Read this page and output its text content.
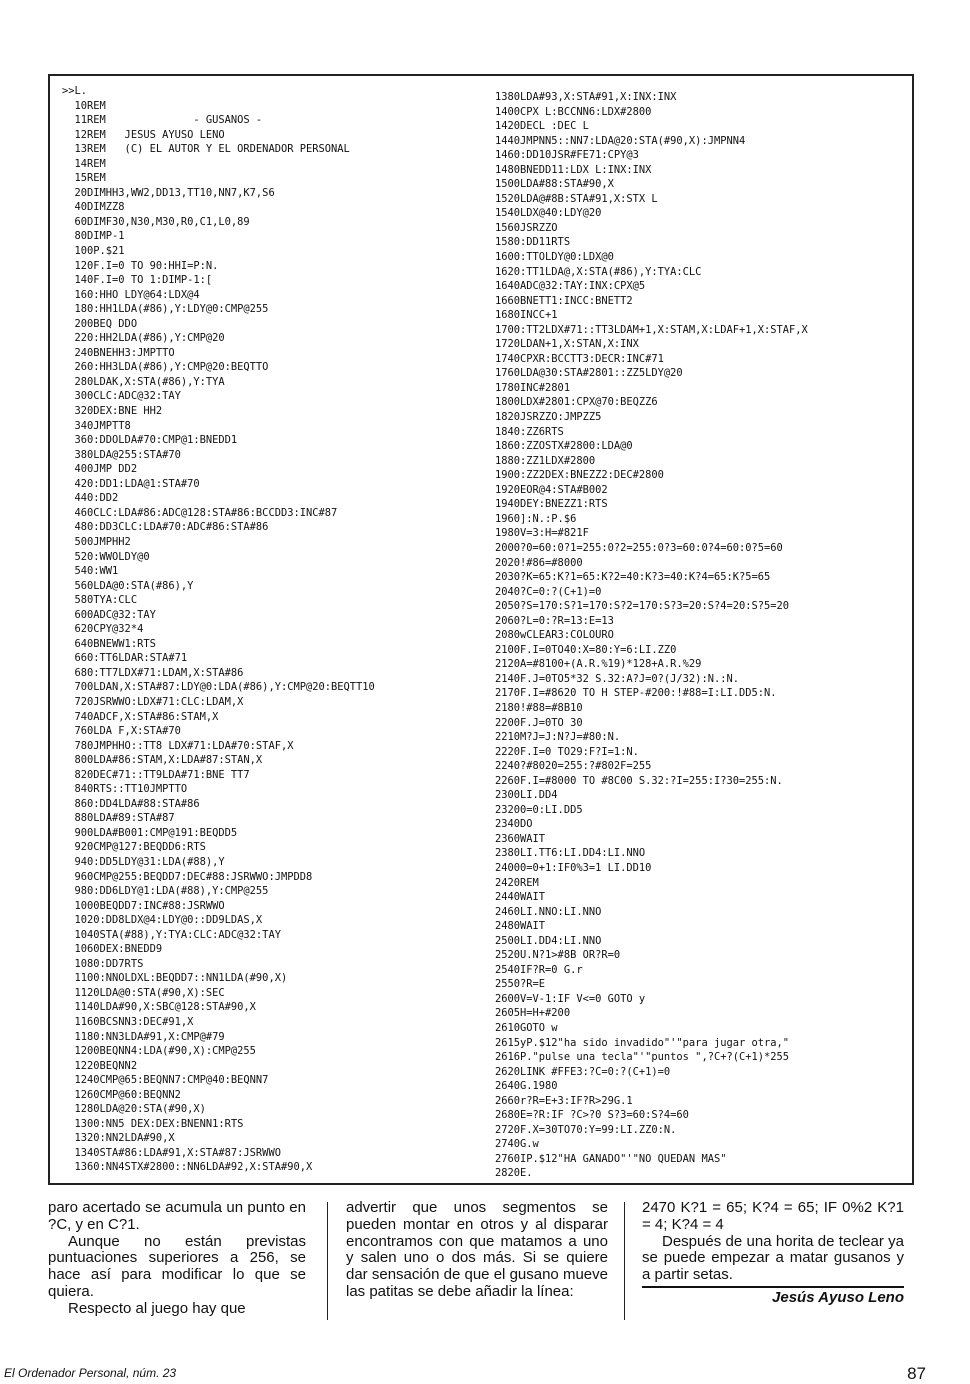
>>L.
10REM
11REM              - GUSANOS -
12REM   JESUS AYUSO LENO
13REM   (C) EL AUTOR Y EL ORDENADOR PERSONAL
14REM
15REM
20DIMHH3,WW2,DD13,TT10,NN7,K7,S6
40DIMZZ8
60DIMF30,N30,M30,R0,C1,L0,89
80DIMP-1
100P.$21
120F.I=0 TO 90:HHI=P:N.
140F.I=0 TO 1:DIMP-1:[
160:HHO LDY@64:LDX@4
180:HH1LDA(#86),Y:LDY@0:CMP@255
200BEQ DDO
220:HH2LDA(#86),Y:CMP@20
240BNEHH3:JMPTTO
260:HH3LDA(#86),Y:CMP@20:BEQTTO
280LDAK,X:STA(#86),Y:TYA
300CLC:ADC@32:TAY
320DEX:BNE HH2
340JMPTT8
360:DDOLDA#70:CMP@1:BNEDD1
380LDA@255:STA#70
400JMP DD2
420:DD1:LDA@1:STA#70
440:DD2
460CLC:LDA#86:ADC@128:STA#86:BCCDD3:INC#87
480:DD3CLC:LDA#70:ADC#86:STA#86
500JMPHH2
520:WWOLDY@0
540:WW1
560LDA@0:STA(#86),Y
580TYA:CLC
600ADC@32:TAY
620CPY@32*4
640BNEWW1:RTS
660:TT6LDAR:STA#71
680:TT7LDX#71:LDAM,X:STA#86
700LDAN,X:STA#87:LDY@0:LDA(#86),Y:CMP@20:BEQTT10
720JSRWWO:LDX#71:CLC:LDAM,X
740ADCF,X:STA#86:STAM,X
760LDA F,X:STA#70
780JMPHHO::TT8 LDX#71:LDA#70:STAF,X
800LDA#86:STAM,X:LDA#87:STAN,X
820DEC#71::TT9LDA#71:BNE TT7
840RTS::TT10JMPTTO
860:DD4LDA#88:STA#86
880LDA#89:STA#87
900LDA#B001:CMP@191:BEQDD5
920CMP@127:BEQDD6:RTS
940:DD5LDY@31:LDA(#88),Y
960CMP@255:BEQDD7:DEC#88:JSRWWO:JMPDD8
980:DD6LDY@1:LDA(#88),Y:CMP@255
1000BEQDD7:INC#88:JSRWWO
1020:DD8LDX@4:LDY@0::DD9LDAS,X
1040STA(#88),Y:TYA:CLC:ADC@32:TAY
1060DEX:BNEDD9
1080:DD7RTS
1100:NNOLDXL:BEQDD7::NN1LDA(#90,X)
1120LDA@0:STA(#90,X):SEC
1140LDA#90,X:SBC@128:STA#90,X
1160BCSNN3:DEC#91,X
1180:NN3LDA#91,X:CMP@#79
1200BEQNN4:LDA(#90,X):CMP@255
1220BEQNN2
1240CMP@65:BEQNN7:CMP@40:BEQNN7
1260CMP@60:BEQNN2
1280LDA@20:STA(#90,X)
1300:NN5 DEX:DEX:BNENN1:RTS
1320:NN2LDA#90,X
1340STA#86:LDA#91,X:STA#87:JSRWWO
1360:NN4STX#2800::NN6LDA#92,X:STA#90,X
1380LDA#93,X:STA#91,X:INX:INX
1400CPX L:BCCNN6:LDX#2800
1420DECL :DEC L
1440JMPNN5::NN7:LDA@20:STA(#90,X):JMPNN4
1460:DD10JSR#FE71:CPY@3
1480BNEDD11:LDX L:INX:INX
1500LDA#88:STA#90,X
1520LDA@#8B:STA#91,X:STX L
1540LDX@40:LDY@20
1560JSRZZO
1580:DD11RTS
1600:TTOLDY@0:LDX@0
1620:TT1LDA@,X:STA(#86),Y:TYA:CLC
1640ADC@32:TAY:INX:CPX@5
1660BNETT1:INCC:BNETT2
1680INCC+1
1700:TT2LDX#71::TT3LDAM+1,X:STAM,X:LDAF+1,X:STAF,X
1720LDAN+1,X:STAN,X:INX
1740CPXR:BCCTT3:DECR:INC#71
1760LDA@30:STA#2801::ZZ5LDY@20
1780INC#2801
1800LDX#2801:CPX@70:BEQZZ6
1820JSRZZO:JMPZZ5
1840:ZZ6RTS
1860:ZZOSTX#2800:LDA@0
1880:ZZ1LDX#2800
1900:ZZ2DEX:BNEZZ2:DEC#2800
1920EOR@4:STA#B002
1940DEY:BNEZZ1:RTS
1960]:N.:P.$6
1980V=3:H=#821F
2000?0=60:0?1=255:0?2=255:0?3=60:0?4=60:0?5=60
2020!#86=#8000
2030?K=65:K?1=65:K?2=40:K?3=40:K?4=65:K?5=65
2040?C=0:?(C+1)=0
2050?S=170:S?1=170:S?2=170:S?3=20:S?4=20:S?5=20
2060?L=0:?R=13:E=13
2080wCLEAR3:COLOURO
2100F.I=0TO40:X=80:Y=6:LI.ZZ0
2120A=#8100+(A.R.%19)*128+A.R.%29
2140F.J=0TO5*32 S.32:A?J=0?(J/32):N.:N.
2170F.I=#8620 TO H STEP-#200:!#88=I:LI.DD5:N.
2180!#88=#8B10
2200F.J=0TO 30
2210M?J=J:N?J=#80:N.
2220F.I=0 TO29:F?I=1:N.
2240?#8020=255:?#802F=255
2260F.I=#8000 TO #8C00 S.32:?I=255:I?30=255:N.
2300LI.DD4
23200=0:LI.DD5
2340DO
2360WAIT
2380LI.TT6:LI.DD4:LI.NNO
24000=0+1:IF0%3=1 LI.DD10
2420REM
2440WAIT
2460LI.NNO:LI.NNO
2480WAIT
2500LI.DD4:LI.NNO
2520U.N?1>#8B OR?R=0
2540IF?R=0 G.r
2550?R=E
2600V=V-1:IF V<=0 GOTO y
2605H=H+#200
2610GOTO w
2615yP.$12"ha sido invadido"'"para jugar otra,"
2616P."pulse una tecla"'"puntos ",?C+?(C+1)*255
2620LINK #FFE3:?C=0:?(C+1)=0
2640G.1980
2660r?R=E+3:IF?R>29G.1
2680E=?R:IF ?C>?0 S?3=60:S?4=60
2720F.X=30TO70:Y=99:LI.ZZ0:N.
2740G.w
2760IP.$12"HA GANADO"'"NO QUEDAN MAS"
2820E.

paro acertado se acumula un punto en ?C, y en C?1.

Aunque no están previstas puntuaciones superiores a 256, se hace así para modificar lo que se quiera.

Respecto al juego hay que

advertir que unos segmentos se pueden montar en otros y al disparar encontramos con que matamos a uno y salen uno o dos más. Si se quiere dar sensación de que el gusano mueve las patitas se debe añadir la línea:

2470 K?1 = 65; K?4 = 65; IF 0%2 K?1 = 4; K?4 = 4

Después de una horita de teclear ya se puede empezar a matar gusanos y a partir setas.

Jesús Ayuso Leno
El Ordenador Personal, núm. 23	87
